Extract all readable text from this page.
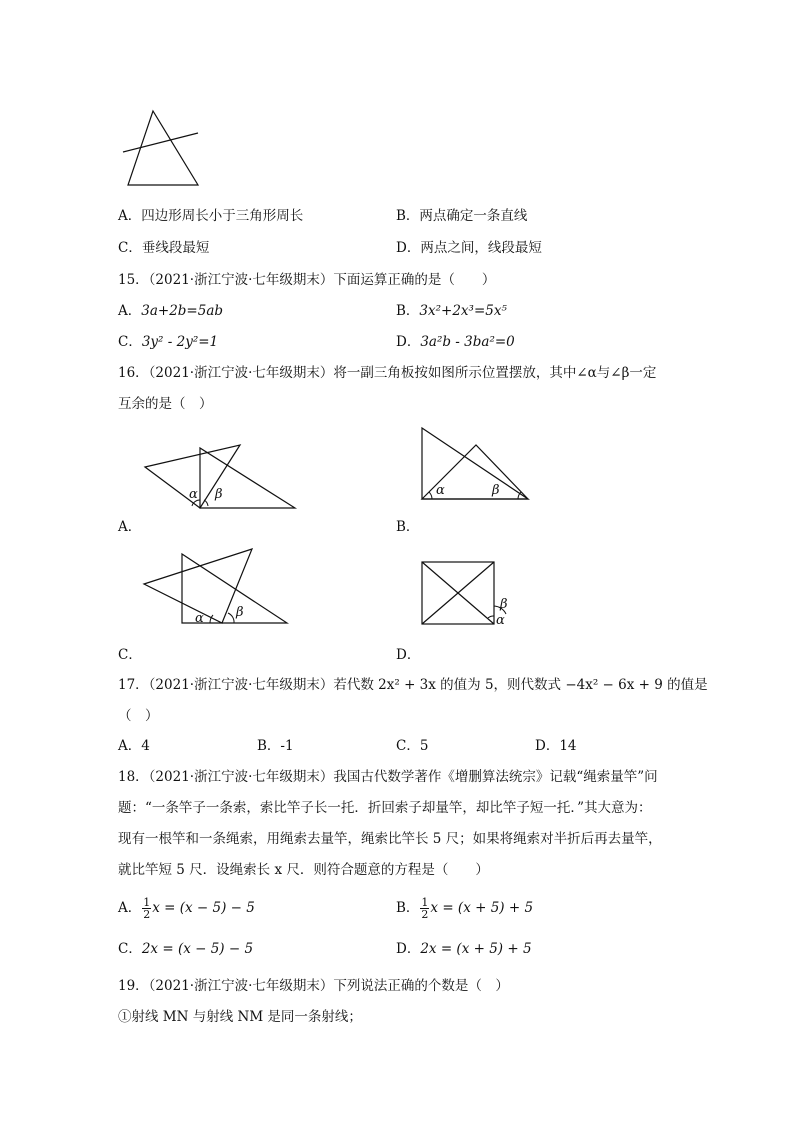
A．四边形周长小于三角形周长	B．两点确定一条直线
C．垂线段最短	D．两点之间，线段最短
15．（2021·浙江宁波·七年级期末）下面运算正确的是（　　）
A．3a+2b=5ab	B．3x²+2x³=5x⁵
C．3y² - 2y²=1	D．3a²b - 3ba²=0
16．（2021·浙江宁波·七年级期末）将一副三角板按如图所示位置摆放，其中∠α与∠β一定
互余的是（　）
α β
A．
α	β
B．
α β
C．
β
α
D．
17．（2021·浙江宁波·七年级期末）若代数 2x² + 3x 的值为 5，则代数式 −4x² − 6x + 9 的值是
（　）
A．4	B．-1	C．5	D．14
18．（2021·浙江宁波·七年级期末）我国古代数学著作《增删算法统宗》记载“绳索量竿”问
题：“一条竿子一条索，索比竿子长一托．折回索子却量竿，却比竿子短一托．”其大意为：
现有一根竿和一条绳索，用绳索去量竿，绳索比竿长 5 尺；如果将绳索对半折后再去量竿，
就比竿短 5 尺．设绳索长 x 尺．则符合题意的方程是（　　）
A． $\frac{1}{2}$ x = (x − 5) − 5	B． $\frac{1}{2}$ x = (x + 5) + 5
C．2x = (x − 5) − 5	D．2x = (x + 5) + 5
19．（2021·浙江宁波·七年级期末）下列说法正确的个数是（　）
①射线 MN 与射线 NM 是同一条射线；
